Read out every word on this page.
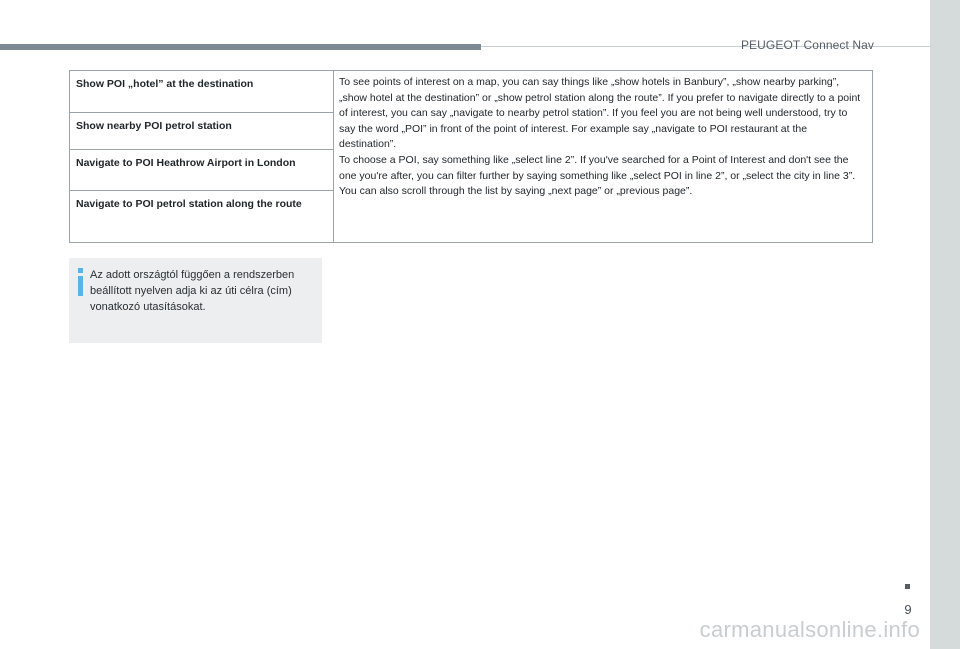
PEUGEOT Connect Nav
Show POI „hotel” at the destination
Show nearby POI petrol station
Navigate to POI Heathrow Airport in London
Navigate to POI petrol station along the route

To see points of interest on a map, you can say things like „show hotels in Banbury”, „show nearby parking”, „show hotel at the destination” or „show petrol station along the route”. If you prefer to navigate directly to a point of interest, you can say „navigate to nearby petrol station”. If you feel you are not being well understood, try to say the word „POI” in front of the point of interest. For example say „navigate to POI restaurant at the destination”.

To choose a POI, say something like „select line 2”. If you've searched for a Point of Interest and don't see the one you're after, you can filter further by saying something like „select POI in line 2”, or „select the city in line 3”. You can also scroll through the list by saying „next page” or „previous page”.

Az adott országtól függően a rendszerben beállított nyelven adja ki az úti célra (cím) vonatkozó utasításokat.
9
carmanualsonline.info
